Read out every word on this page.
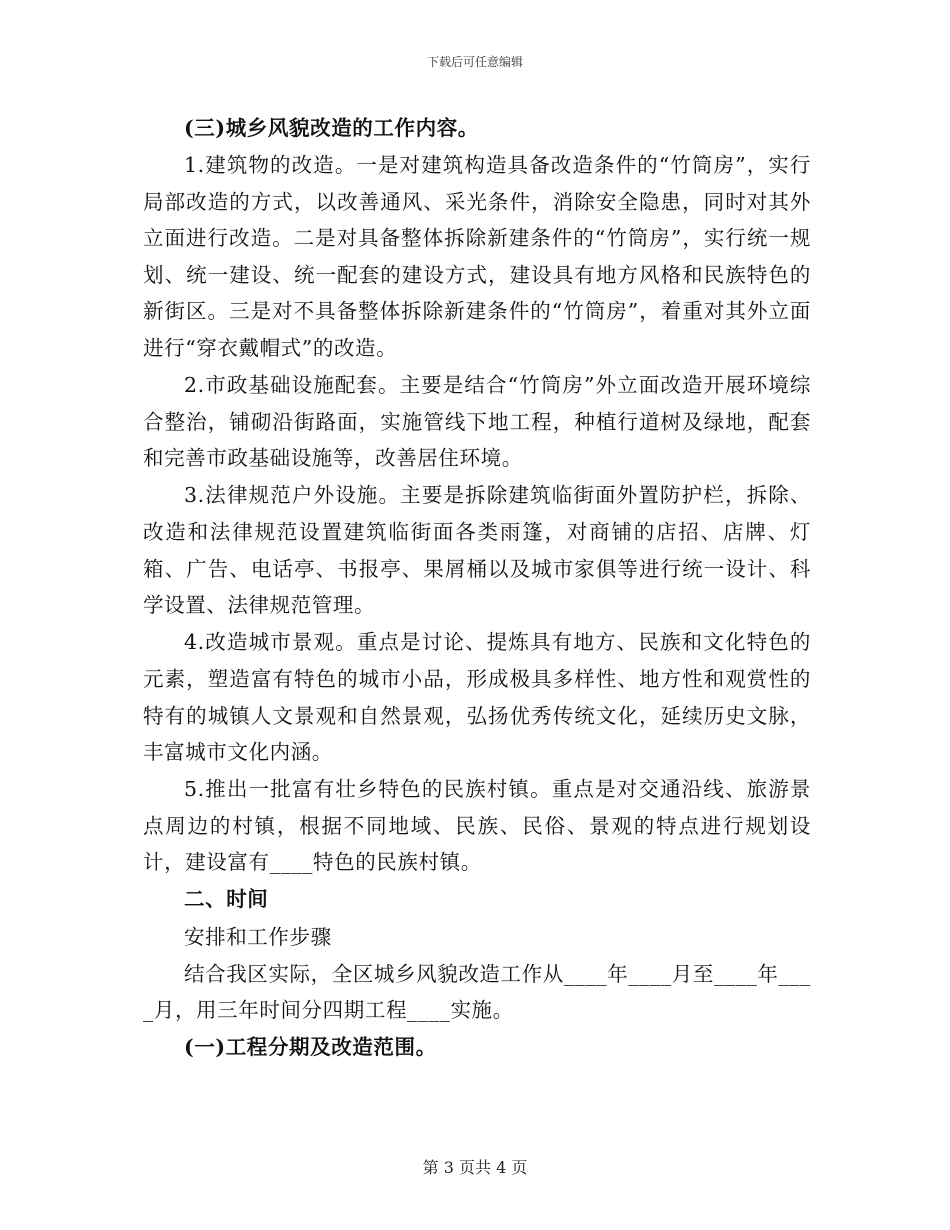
下载后可任意编辑

(三)城乡风貌改造的工作内容。

1.建筑物的改造。一是对建筑构造具备改造条件的“竹筒房”，实行局部改造的方式，以改善通风、采光条件，消除安全隐患，同时对其外立面进行改造。二是对具备整体拆除新建条件的“竹筒房”，实行统一规划、统一建设、统一配套的建设方式，建设具有地方风格和民族特色的新街区。三是对不具备整体拆除新建条件的“竹筒房”，着重对其外立面进行“穿衣戴帽式”的改造。

2.市政基础设施配套。主要是结合“竹筒房”外立面改造开展环境综合整治，铺砌沿街路面，实施管线下地工程，种植行道树及绿地，配套和完善市政基础设施等，改善居住环境。

3.法律规范户外设施。主要是拆除建筑临街面外置防护栏，拆除、改造和法律规范设置建筑临街面各类雨篷，对商铺的店招、店牌、灯箱、广告、电话亭、书报亭、果屑桶以及城市家俱等进行统一设计、科学设置、法律规范管理。

4.改造城市景观。重点是讨论、提炼具有地方、民族和文化特色的元素，塑造富有特色的城市小品，形成极具多样性、地方性和观赏性的特有的城镇人文景观和自然景观，弘扬优秀传统文化，延续历史文脉，丰富城市文化内涵。

5.推出一批富有壮乡特色的民族村镇。重点是对交通沿线、旅游景点周边的村镇，根据不同地域、民族、民俗、景观的特点进行规划设计，建设富有____特色的民族村镇。

二、时间

安排和工作步骤

结合我区实际，全区城乡风貌改造工作从____年____月至____年____月，用三年时间分四期工程____实施。

(一)工程分期及改造范围。

第 3 页共 4 页
